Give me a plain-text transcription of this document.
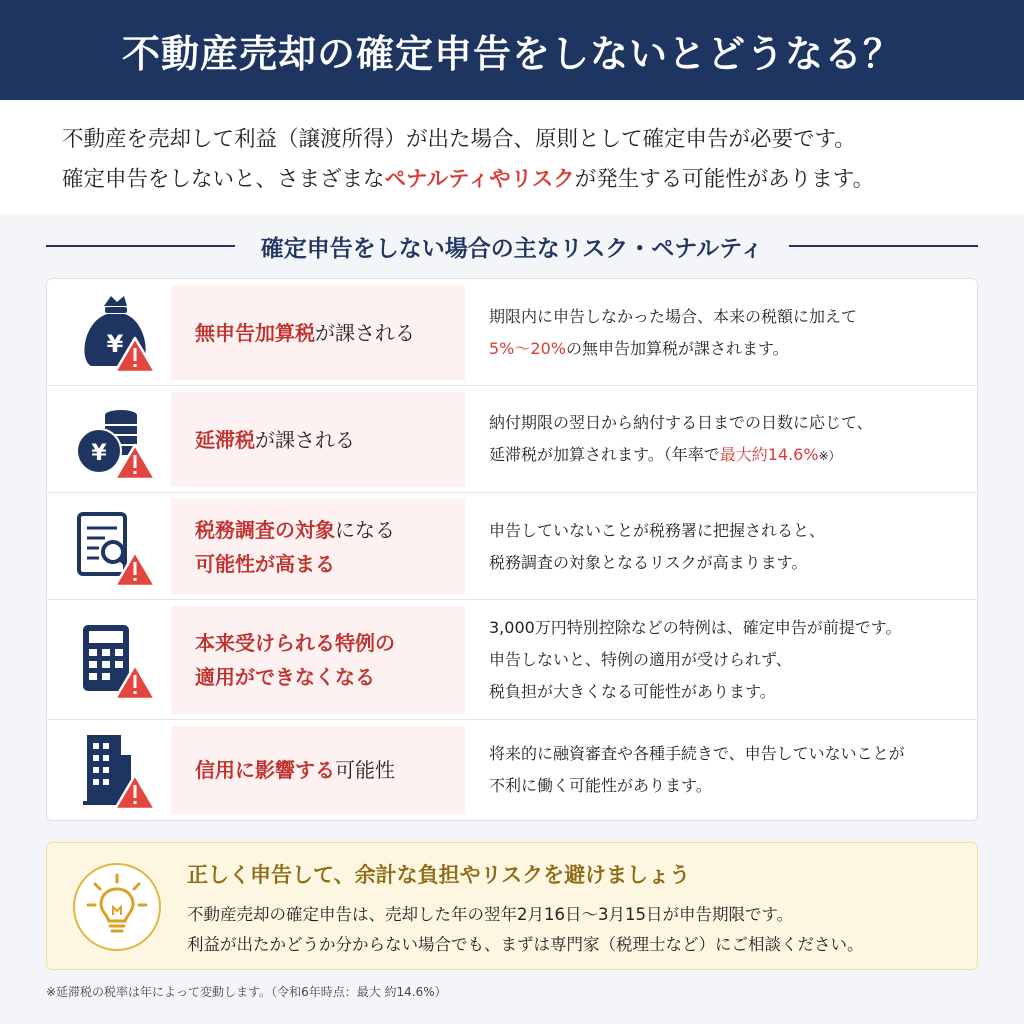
不動産売却の確定申告をしないとどうなる？

不動産を売却して利益（譲渡所得）が出た場合、原則として確定申告が必要です。

確定申告をしないと、さまざまなペナルティやリスクが発生する可能性があります。

確定申告をしない場合の主なリスク・ペナルティ
¥	無申告加算税が課される
期限内に申告しなかった場合、本来の税額に加えて
5%〜20%の無申告加算税が課されます。
¥
延滞税が課される
納付期限の翌日から納付する日までの日数に応じて、
延滞税が加算されます。（年率で最大約14.6%※）
税務調査の対象になる
可能性が高まる
申告していないことが税務署に把握されると、
税務調査の対象となるリスクが高まります。
本来受けられる特例の
適用ができなくなる
3,000万円特別控除などの特例は、確定申告が前提です。
申告しないと、特例の適用が受けられず、
税負担が大きくなる可能性があります。
信用に影響する可能性
将来的に融資審査や各種手続きで、申告していないことが
不利に働く可能性があります。
正しく申告して、余計な負担やリスクを避けましょう
不動産売却の確定申告は、売却した年の翌年2月16日〜3月15日が申告期限です。
利益が出たかどうか分からない場合でも、まずは専門家（税理士など）にご相談ください。
※延滞税の税率は年によって変動します。（令和6年時点：最大 約14.6%）
